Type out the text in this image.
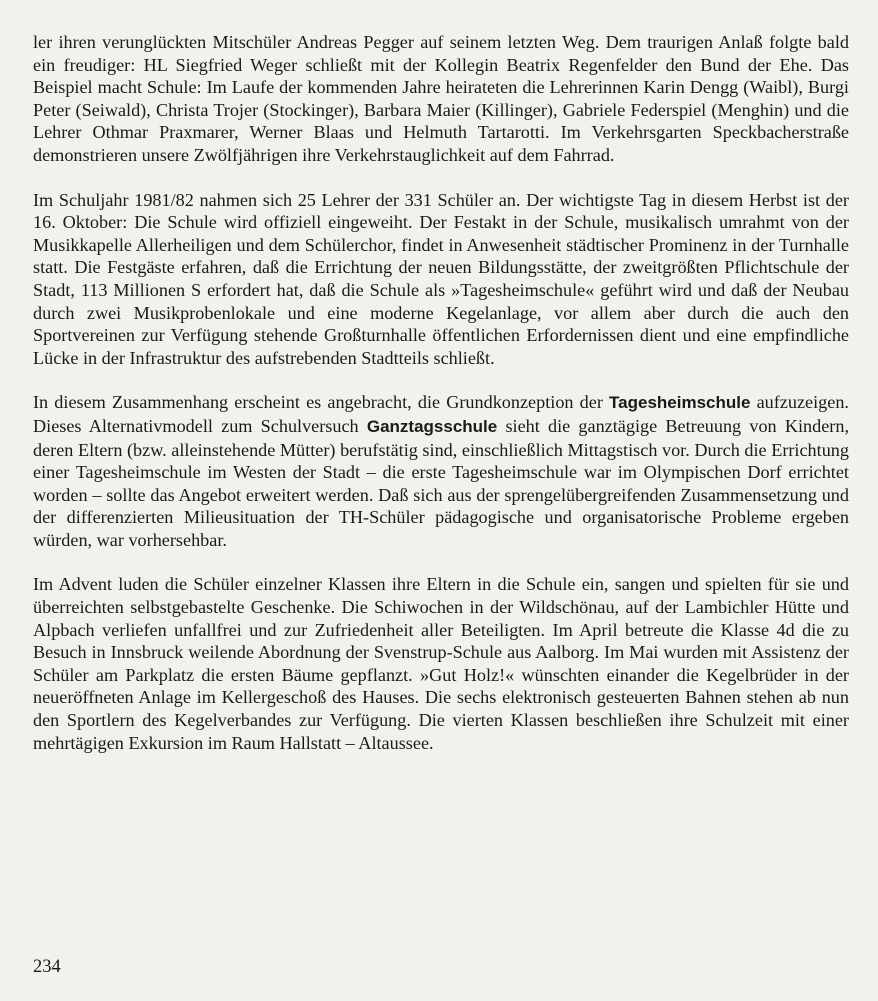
ler ihren verunglückten Mitschüler Andreas Pegger auf seinem letzten Weg. Dem traurigen Anlaß folgte bald ein freudiger: HL Siegfried Weger schließt mit der Kollegin Beatrix Regenfelder den Bund der Ehe. Das Beispiel macht Schule: Im Laufe der kommenden Jahre heirateten die Lehrerinnen Karin Dengg (Waibl), Burgi Peter (Seiwald), Christa Trojer (Stockinger), Barbara Maier (Killinger), Gabriele Federspiel (Menghin) und die Lehrer Othmar Praxmarer, Werner Blaas und Helmuth Tartarotti. Im Verkehrsgarten Speckbacherstraße demonstrieren unsere Zwölfjährigen ihre Verkehrstauglichkeit auf dem Fahrrad.

Im Schuljahr 1981/82 nahmen sich 25 Lehrer der 331 Schüler an. Der wichtigste Tag in diesem Herbst ist der 16. Oktober: Die Schule wird offiziell eingeweiht. Der Festakt in der Schule, musikalisch umrahmt von der Musikkapelle Allerheiligen und dem Schülerchor, findet in Anwesenheit städtischer Prominenz in der Turnhalle statt. Die Festgäste erfahren, daß die Errichtung der neuen Bildungsstätte, der zweitgrößten Pflichtschule der Stadt, 113 Millionen S erfordert hat, daß die Schule als »Tagesheimschule« geführt wird und daß der Neubau durch zwei Musikprobenlokale und eine moderne Kegelanlage, vor allem aber durch die auch den Sportvereinen zur Verfügung stehende Großturnhalle öffentlichen Erfordernissen dient und eine empfindliche Lücke in der Infrastruktur des aufstrebenden Stadtteils schließt.

In diesem Zusammenhang erscheint es angebracht, die Grundkonzeption der Tagesheimschule aufzuzeigen. Dieses Alternativmodell zum Schulversuch Ganztagsschule sieht die ganztägige Betreuung von Kindern, deren Eltern (bzw. alleinstehende Mütter) berufstätig sind, einschließlich Mittagstisch vor. Durch die Errichtung einer Tagesheimschule im Westen der Stadt – die erste Tagesheimschule war im Olympischen Dorf errichtet worden – sollte das Angebot erweitert werden. Daß sich aus der sprengelübergreifenden Zusammensetzung und der differenzierten Milieusituation der TH-Schüler pädagogische und organisatorische Probleme ergeben würden, war vorhersehbar.

Im Advent luden die Schüler einzelner Klassen ihre Eltern in die Schule ein, sangen und spielten für sie und überreichten selbstgebastelte Geschenke. Die Schiwochen in der Wildschönau, auf der Lambichler Hütte und Alpbach verliefen unfallfrei und zur Zufriedenheit aller Beteiligten. Im April betreute die Klasse 4d die zu Besuch in Innsbruck weilende Abordnung der Svenstrup-Schule aus Aalborg. Im Mai wurden mit Assistenz der Schüler am Parkplatz die ersten Bäume gepflanzt. »Gut Holz!« wünschten einander die Kegelbrüder in der neueröffneten Anlage im Kellergeschoß des Hauses. Die sechs elektronisch gesteuerten Bahnen stehen ab nun den Sportlern des Kegelverbandes zur Verfügung. Die vierten Klassen beschließen ihre Schulzeit mit einer mehrtägigen Exkursion im Raum Hallstatt – Altaussee.

234
